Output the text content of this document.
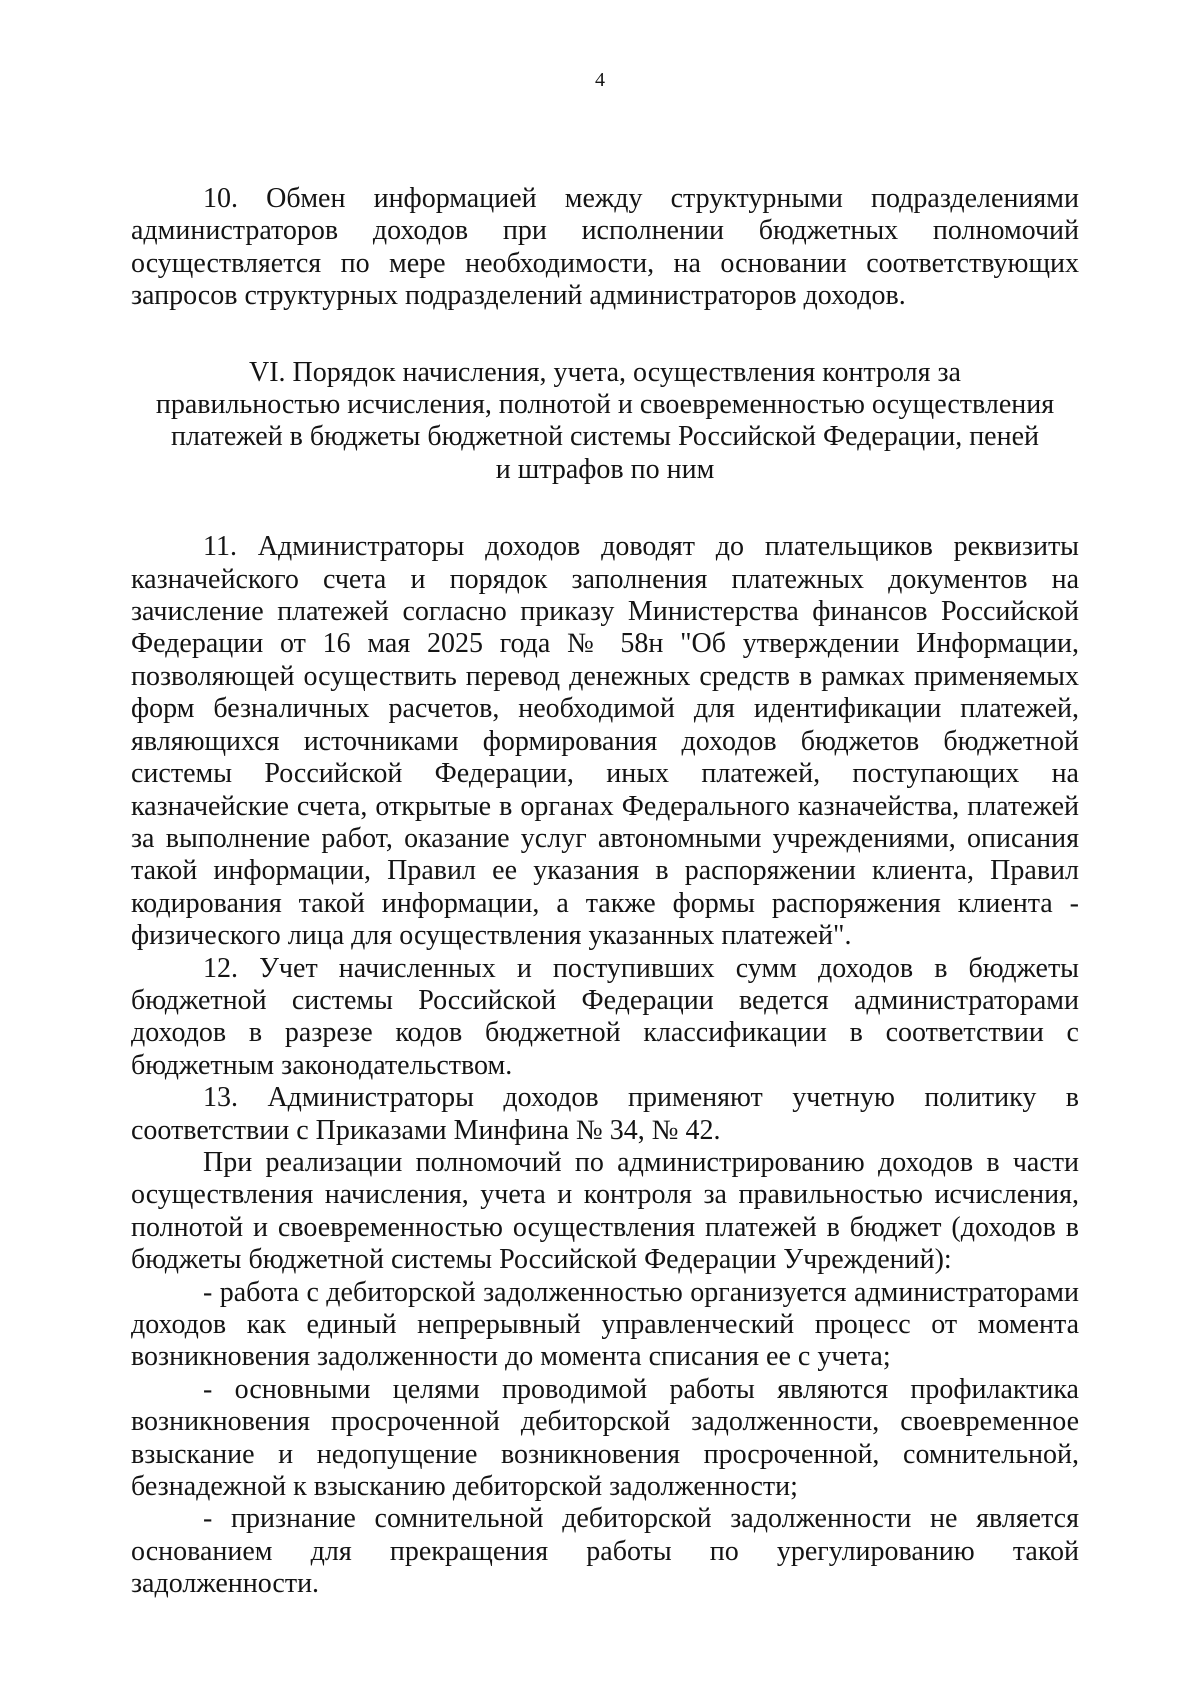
4

10. Обмен информацией между структурными подразделениями администраторов доходов при исполнении бюджетных полномочий осуществляется по мере необходимости, на основании соответствующих запросов структурных подразделений администраторов доходов.

VI. Порядок начисления, учета, осуществления контроля за
правильностью исчисления, полнотой и своевременностью осуществления
платежей в бюджеты бюджетной системы Российской Федерации, пеней
и штрафов по ним

11. Администраторы доходов доводят до плательщиков реквизиты казначейского счета и порядок заполнения платежных документов на зачисление платежей согласно приказу Министерства финансов Российской Федерации от 16 мая 2025 года № 58н "Об утверждении Информации, позволяющей осуществить перевод денежных средств в рамках применяемых форм безналичных расчетов, необходимой для идентификации платежей, являющихся источниками формирования доходов бюджетов бюджетной системы Российской Федерации, иных платежей, поступающих на казначейские счета, открытые в органах Федерального казначейства, платежей за выполнение работ, оказание услуг автономными учреждениями, описания такой информации, Правил ее указания в распоряжении клиента, Правил кодирования такой информации, а также формы распоряжения клиента - физического лица для осуществления указанных платежей".

12. Учет начисленных и поступивших сумм доходов в бюджеты бюджетной системы Российской Федерации ведется администраторами доходов в разрезе кодов бюджетной классификации в соответствии с бюджетным законодательством.

13. Администраторы доходов применяют учетную политику в соответствии с Приказами Минфина № 34, № 42.

При реализации полномочий по администрированию доходов в части осуществления начисления, учета и контроля за правильностью исчисления, полнотой и своевременностью осуществления платежей в бюджет (доходов в бюджеты бюджетной системы Российской Федерации Учреждений):

- работа с дебиторской задолженностью организуется администраторами доходов как единый непрерывный управленческий процесс от момента возникновения задолженности до момента списания ее с учета;

- основными целями проводимой работы являются профилактика возникновения просроченной дебиторской задолженности, своевременное взыскание и недопущение возникновения просроченной, сомнительной, безнадежной к взысканию дебиторской задолженности;

- признание сомнительной дебиторской задолженности не является основанием для прекращения работы по урегулированию такой задолженности.
